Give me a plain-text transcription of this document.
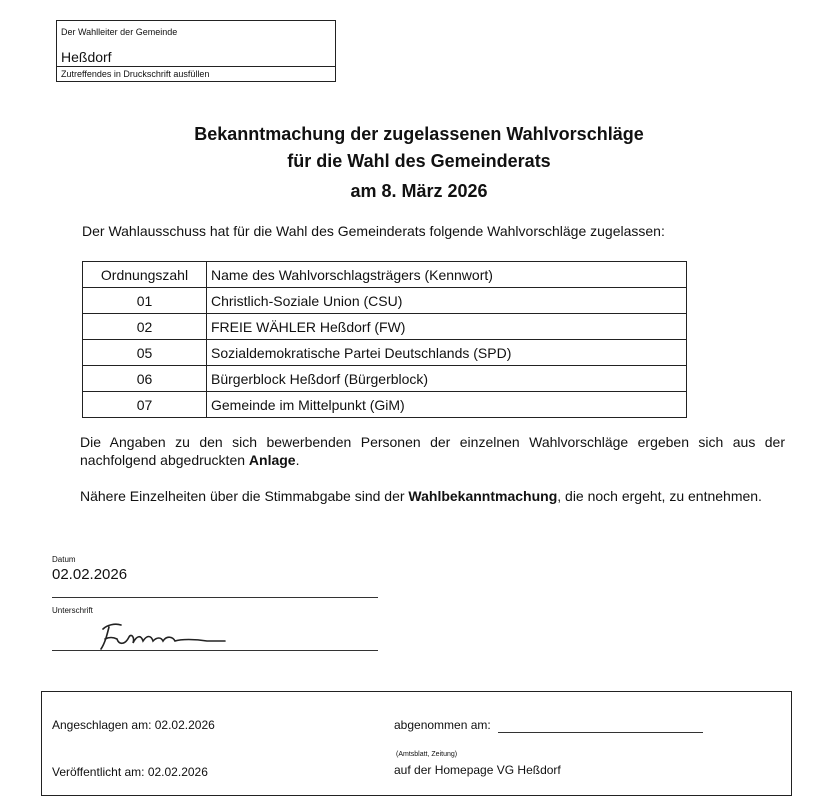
Der Wahlleiter der Gemeinde
Heßdorf
Zutreffendes in Druckschrift ausfüllen
Bekanntmachung der zugelassenen Wahlvorschläge
für die Wahl des Gemeinderats
am 8. März 2026
Der Wahlausschuss hat für die Wahl des Gemeinderats folgende Wahlvorschläge zugelassen:
Ordnungszahl	Name des Wahlvorschlagsträgers (Kennwort)
01	Christlich-Soziale Union (CSU)
02	FREIE WÄHLER Heßdorf (FW)
05	Sozialdemokratische Partei Deutschlands (SPD)
06	Bürgerblock Heßdorf (Bürgerblock)
07	Gemeinde im Mittelpunkt (GiM)
Die Angaben zu den sich bewerbenden Personen der einzelnen Wahlvorschläge ergeben sich aus der nachfolgend abgedruckten Anlage.
Nähere Einzelheiten über die Stimmabgabe sind der Wahlbekanntmachung, die noch ergeht, zu entnehmen.
Datum
02.02.2026
Unterschrift
Angeschlagen am: 02.02.2026	abgenommen am:
(Amtsblatt, Zeitung)
Veröffentlicht am: 02.02.2026	auf der Homepage VG Heßdorf
